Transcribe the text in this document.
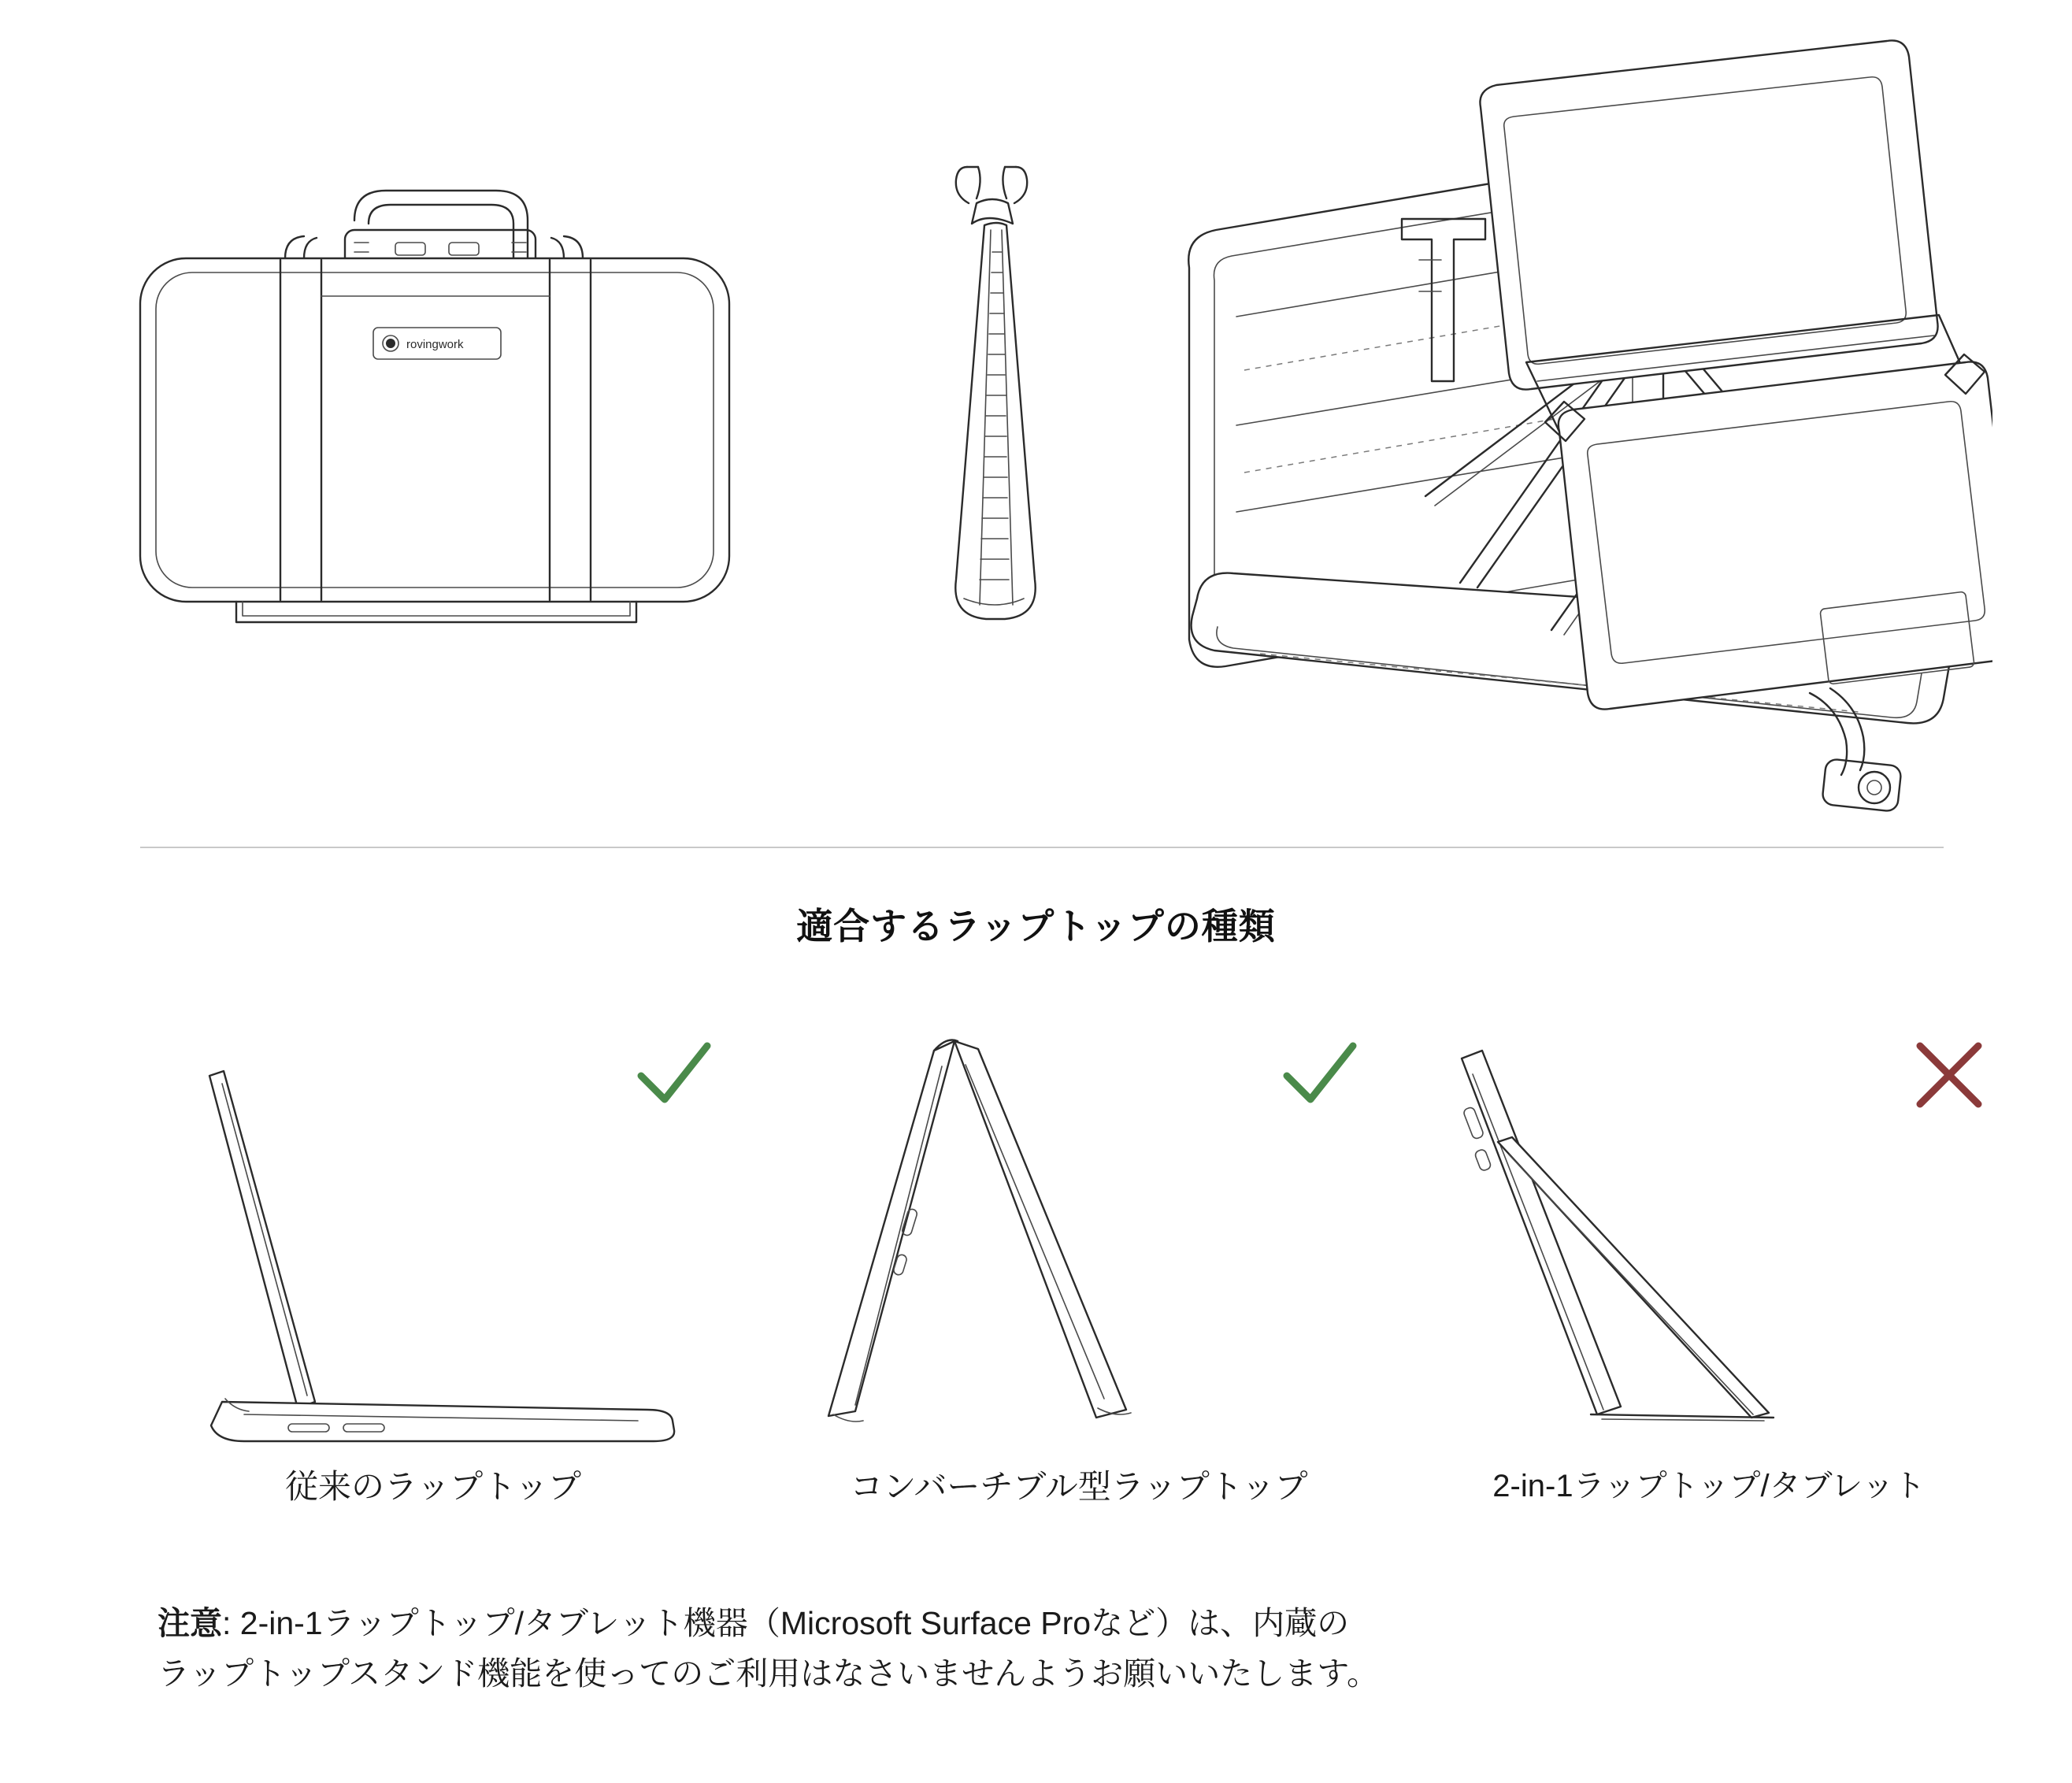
rovingwork
適合するラップトップの種類
従来のラップトップ	コンバーチブル型ラップトップ	2-in-1ラップトップ/タブレット
注意: 2-in-1ラップトップ/タブレット機器（Microsoft Surface Proなど）は、内蔵の
ラップトップスタンド機能を使ってのご利用はなさいませんようお願いいたします。
